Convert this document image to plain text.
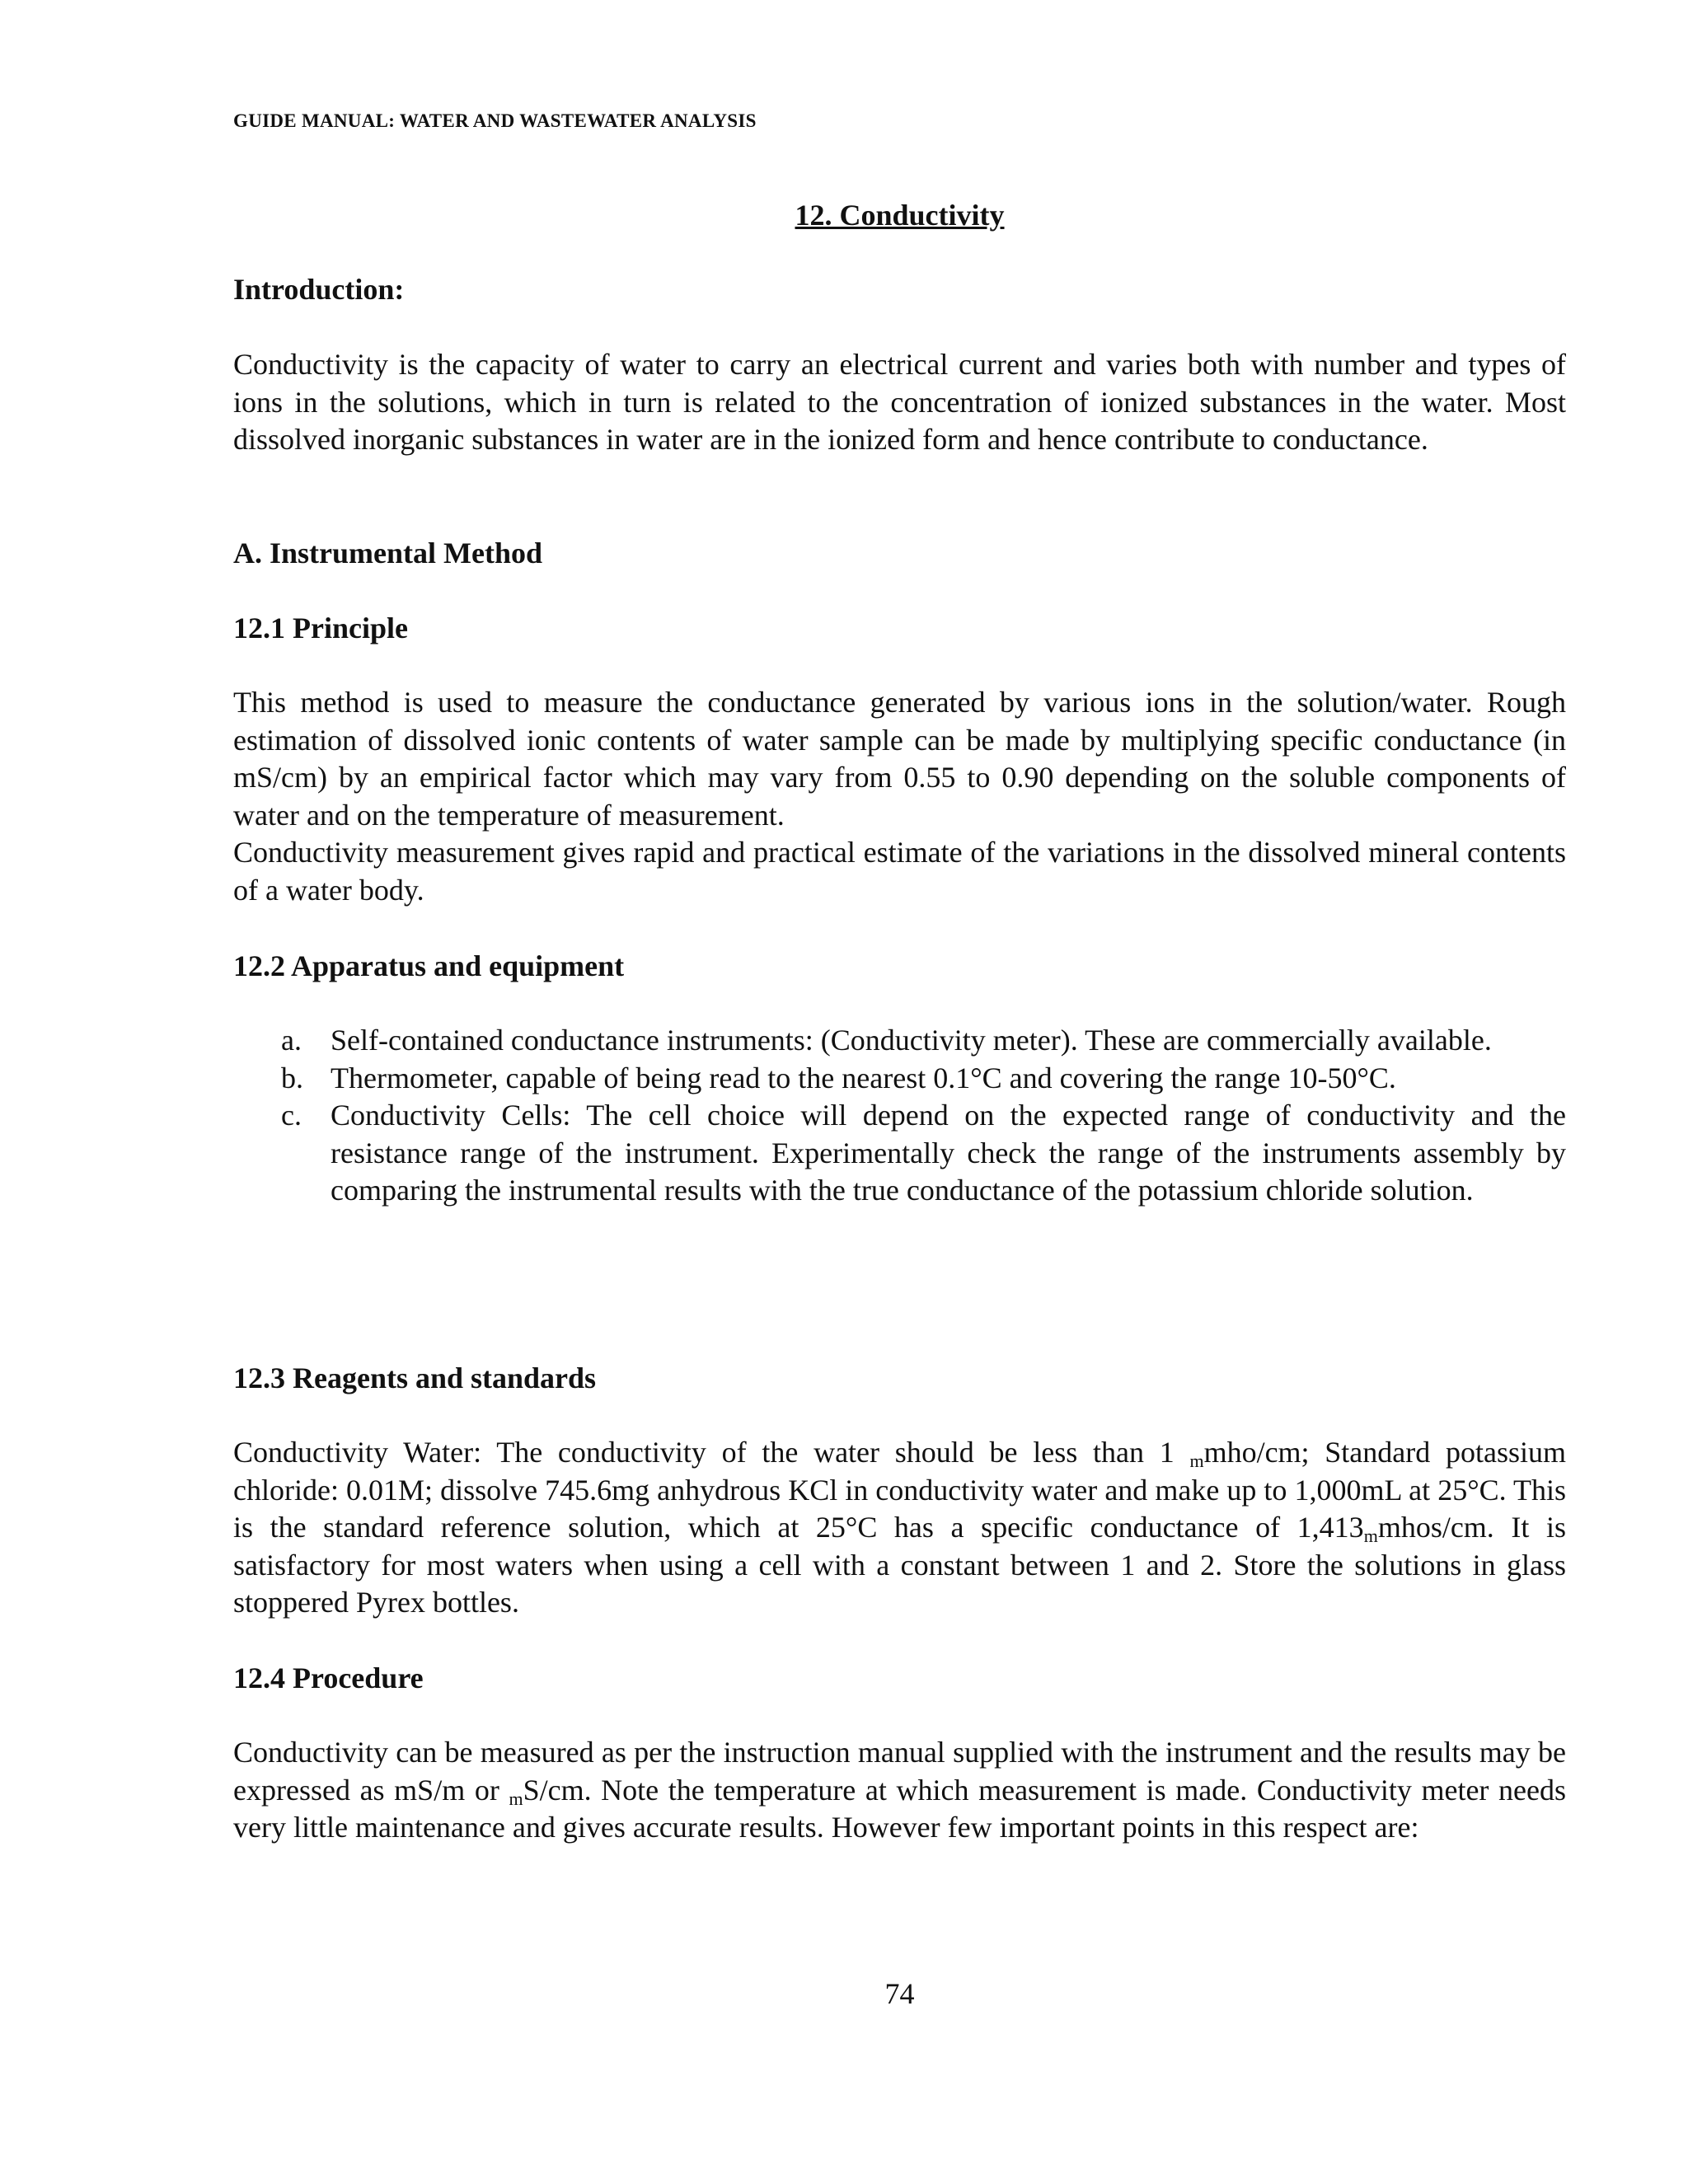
GUIDE MANUAL: WATER AND WASTEWATER ANALYSIS

12. Conductivity
Introduction:

Conductivity is the capacity of water to carry an electrical current and varies both with number and types of ions in the solutions, which in turn is related to the concentration of ionized substances in the water. Most dissolved inorganic substances in water are in the ionized form and hence contribute to conductance.

A. Instrumental Method
12.1 Principle

This method is used to measure the conductance generated by various ions in the solution/water. Rough estimation of dissolved ionic contents of water sample can be made by multiplying specific conductance (in mS/cm) by an empirical factor which may vary from 0.55 to 0.90 depending on the soluble components of water and on the temperature of measurement.

Conductivity measurement gives rapid and practical estimate of the variations in the dissolved mineral contents of a water body.

12.2 Apparatus and equipment
a. Self-contained conductance instruments: (Conductivity meter). These are commercially available.
b. Thermometer, capable of being read to the nearest 0.1°C and covering the range 10-50°C.
c. Conductivity Cells: The cell choice will depend on the expected range of conductivity and the resistance range of the instrument. Experimentally check the range of the instruments assembly by comparing the instrumental results with the true conductance of the potassium chloride solution.
12.3 Reagents and standards

Conductivity Water: The conductivity of the water should be less than 1 $_m$mho/cm; Standard potassium chloride: 0.01M; dissolve 745.6mg anhydrous KCl in conductivity water and make up to 1,000mL at 25°C. This is the standard reference solution, which at 25°C has a specific conductance of $1,413_mmhos/cm$. It is satisfactory for most waters when using a cell with a constant between 1 and 2. Store the solutions in glass stoppered Pyrex bottles.

12.4 Procedure

Conductivity can be measured as per the instruction manual supplied with the instrument and the results may be expressed as mS/m or $_m$S/cm. Note the temperature at which measurement is made. Conductivity meter needs very little maintenance and gives accurate results. However few important points in this respect are:

74
